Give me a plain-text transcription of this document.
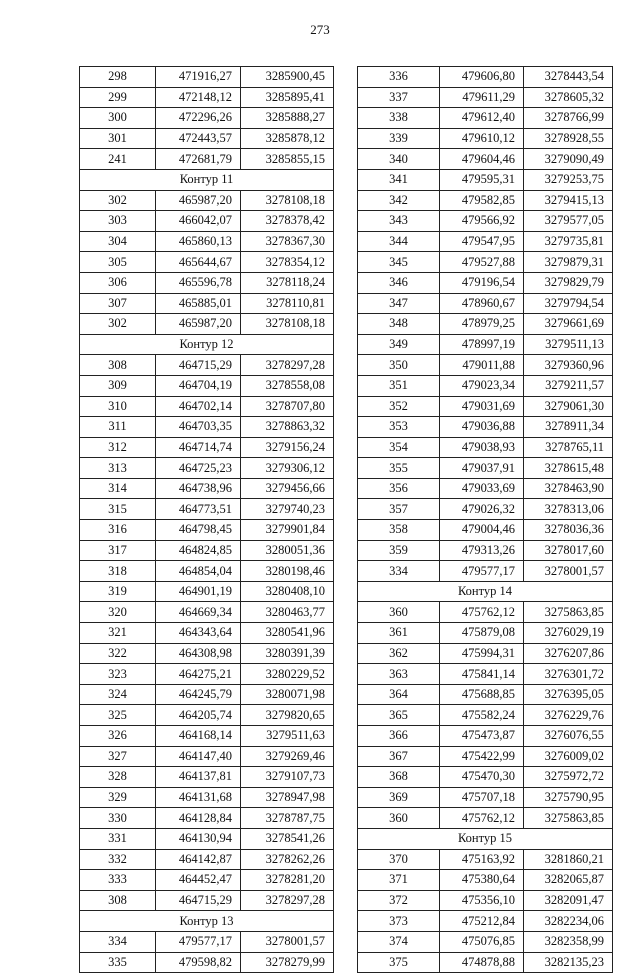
273
298	471916,27	3285900,45
299	472148,12	3285895,41
300	472296,26	3285888,27
301	472443,57	3285878,12
241	472681,79	3285855,15
Контур 11		
302	465987,20	3278108,18
303	466042,07	3278378,42
304	465860,13	3278367,30
305	465644,67	3278354,12
306	465596,78	3278118,24
307	465885,01	3278110,81
302	465987,20	3278108,18
Контур 12		
308	464715,29	3278297,28
309	464704,19	3278558,08
310	464702,14	3278707,80
311	464703,35	3278863,32
312	464714,74	3279156,24
313	464725,23	3279306,12
314	464738,96	3279456,66
315	464773,51	3279740,23
316	464798,45	3279901,84
317	464824,85	3280051,36
318	464854,04	3280198,46
319	464901,19	3280408,10
320	464669,34	3280463,77
321	464343,64	3280541,96
322	464308,98	3280391,39
323	464275,21	3280229,52
324	464245,79	3280071,98
325	464205,74	3279820,65
326	464168,14	3279511,63
327	464147,40	3279269,46
328	464137,81	3279107,73
329	464131,68	3278947,98
330	464128,84	3278787,75
331	464130,94	3278541,26
332	464142,87	3278262,26
333	464452,47	3278281,20
308	464715,29	3278297,28
Контур 13		
334	479577,17	3278001,57
335	479598,82	3278279,99
336	479606,80	3278443,54
337	479611,29	3278605,32
338	479612,40	3278766,99
339	479610,12	3278928,55
340	479604,46	3279090,49
341	479595,31	3279253,75
342	479582,85	3279415,13
343	479566,92	3279577,05
344	479547,95	3279735,81
345	479527,88	3279879,31
346	479196,54	3279829,79
347	478960,67	3279794,54
348	478979,25	3279661,69
349	478997,19	3279511,13
350	479011,88	3279360,96
351	479023,34	3279211,57
352	479031,69	3279061,30
353	479036,88	3278911,34
354	479038,93	3278765,11
355	479037,91	3278615,48
356	479033,69	3278463,90
357	479026,32	3278313,06
358	479004,46	3278036,36
359	479313,26	3278017,60
334	479577,17	3278001,57
Контур 14		
360	475762,12	3275863,85
361	475879,08	3276029,19
362	475994,31	3276207,86
363	475841,14	3276301,72
364	475688,85	3276395,05
365	475582,24	3276229,76
366	475473,87	3276076,55
367	475422,99	3276009,02
368	475470,30	3275972,72
369	475707,18	3275790,95
360	475762,12	3275863,85
Контур 15		
370	475163,92	3281860,21
371	475380,64	3282065,87
372	475356,10	3282091,47
373	475212,84	3282234,06
374	475076,85	3282358,99
375	474878,88	3282135,23
